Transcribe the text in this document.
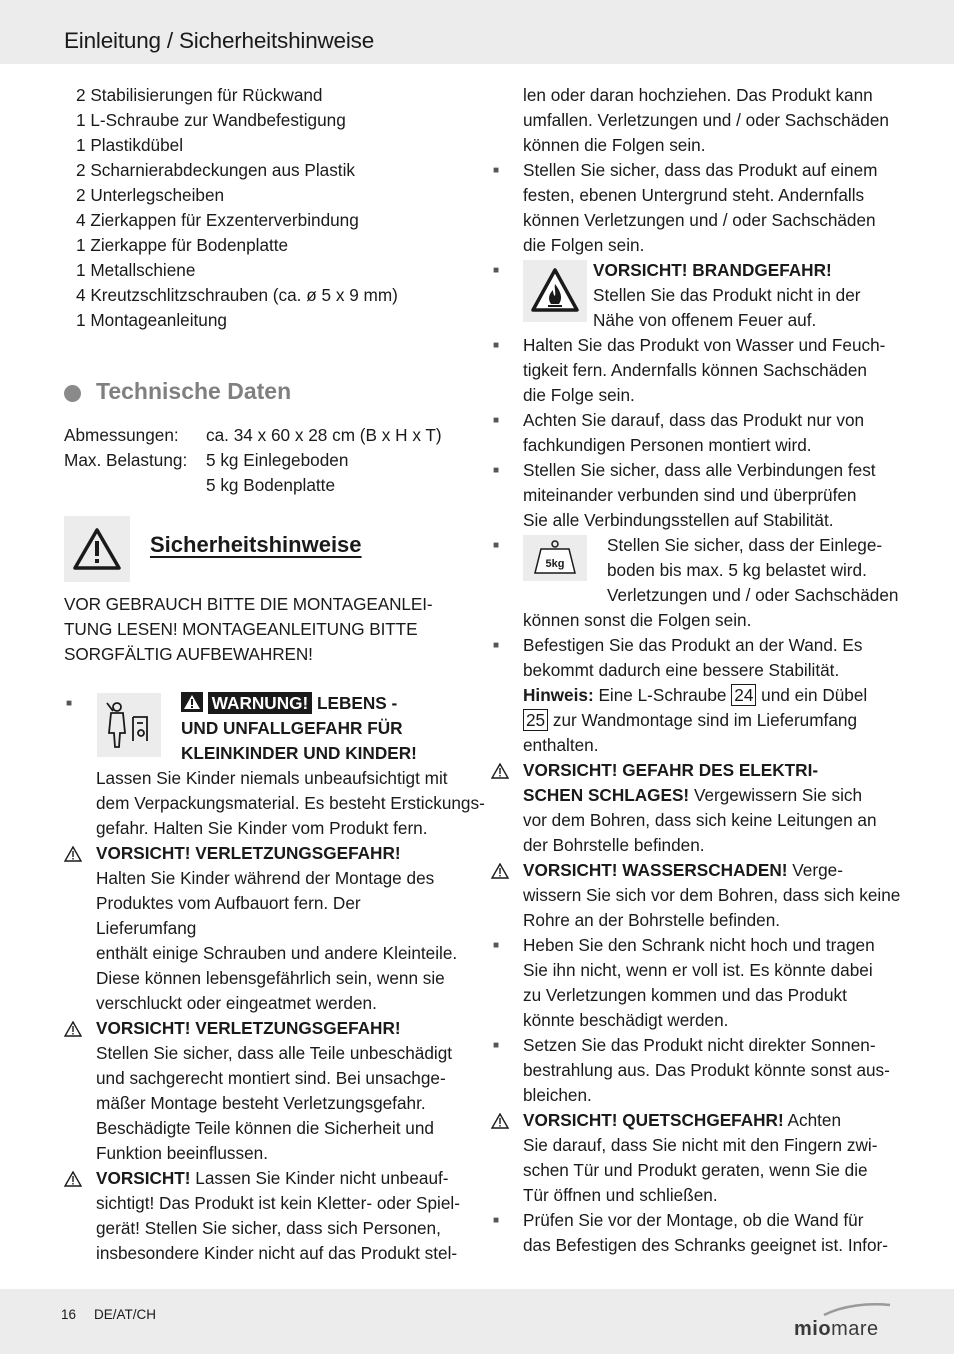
Einleitung / Sicherheitshinweise

2 Stabilisierungen für Rückwand

1 L-Schraube zur Wandbefestigung

1 Plastikdübel

2 Scharnierabdeckungen aus Plastik

2 Unterlegscheiben

4 Zierkappen für Exzenterverbindung

1 Zierkappe für Bodenplatte

1 Metallschiene

4 Kreutzschlitzschrauben (ca. ø 5 x 9 mm)

1 Montageanleitung

Technische Daten
Abmessungen: ca. 34 x 60 x 28 cm (B x H x T)
Max. Belastung: 5 kg Einlegeboden
5 kg Bodenplatte
Sicherheitshinweise

VOR GEBRAUCH BITTE DIE MONTAGEANLEI-

TUNG LESEN! MONTAGEANLEITUNG BITTE

SORGFÄLTIG AUFBEWAHREN!

■	WARNUNG! LEBENS -

UND UNFALLGEFAHR FÜR

KLEINKINDER UND KINDER!

Lassen Sie Kinder niemals unbeaufsichtigt mit

dem Verpackungsmaterial. Es besteht Erstickungs-

gefahr. Halten Sie Kinder vom Produkt fern.

VORSICHT! VERLETZUNGSGEFAHR!

Halten Sie Kinder während der Montage des

Produktes vom Aufbauort fern. Der Lieferumfang

enthält einige Schrauben und andere Kleinteile.

Diese können lebensgefährlich sein, wenn sie

verschluckt oder eingeatmet werden.

VORSICHT! VERLETZUNGSGEFAHR!

Stellen Sie sicher, dass alle Teile unbeschädigt

und sachgerecht montiert sind. Bei unsachge-

mäßer Montage besteht Verletzungsgefahr.

Beschädigte Teile können die Sicherheit und

Funktion beeinflussen.

VORSICHT! Lassen Sie Kinder nicht unbeauf-

sichtigt! Das Produkt ist kein Kletter- oder Spiel-

gerät! Stellen Sie sicher, dass sich Personen,

insbesondere Kinder nicht auf das Produkt stel-

len oder daran hochziehen. Das Produkt kann

umfallen. Verletzungen und / oder Sachschäden

können die Folgen sein.

■ Stellen Sie sicher, dass das Produkt auf einem

festen, ebenen Untergrund steht. Andernfalls

können Verletzungen und / oder Sachschäden

die Folgen sein.

■	VORSICHT! BRANDGEFAHR!

Stellen Sie das Produkt nicht in der

Nähe von offenem Feuer auf.

■ Halten Sie das Produkt von Wasser und Feuch-

tigkeit fern. Andernfalls können Sachschäden

die Folge sein.

■ Achten Sie darauf, dass das Produkt nur von

fachkundigen Personen montiert wird.

■ Stellen Sie sicher, dass alle Verbindungen fest

miteinander verbunden sind und überprüfen

Sie alle Verbindungsstellen auf Stabilität.

■
5kg

Stellen Sie sicher, dass der Einlege-

boden bis max. 5 kg belastet wird.

Verletzungen und / oder Sachschäden

können sonst die Folgen sein.

■ Befestigen Sie das Produkt an der Wand. Es

bekommt dadurch eine bessere Stabilität.

Hinweis: Eine L-Schraube 24 und ein Dübel

25 zur Wandmontage sind im Lieferumfang

enthalten.

VORSICHT! GEFAHR DES ELEKTRI-

SCHEN SCHLAGES! Vergewissern Sie sich

vor dem Bohren, dass sich keine Leitungen an

der Bohrstelle befinden.

VORSICHT! WASSERSCHADEN! Verge-

wissern Sie sich vor dem Bohren, dass sich keine

Rohre an der Bohrstelle befinden.

■ Heben Sie den Schrank nicht hoch und tragen

Sie ihn nicht, wenn er voll ist. Es könnte dabei

zu Verletzungen kommen und das Produkt

könnte beschädigt werden.

■ Setzen Sie das Produkt nicht direkter Sonnen-

bestrahlung aus. Das Produkt könnte sonst aus-

bleichen.

VORSICHT! QUETSCHGEFAHR! Achten

Sie darauf, dass Sie nicht mit den Fingern zwi-

schen Tür und Produkt geraten, wenn Sie die

Tür öffnen und schließen.

■ Prüfen Sie vor der Montage, ob die Wand für

das Befestigen des Schranks geeignet ist. Infor-

16 DE/AT/CH
miomare
